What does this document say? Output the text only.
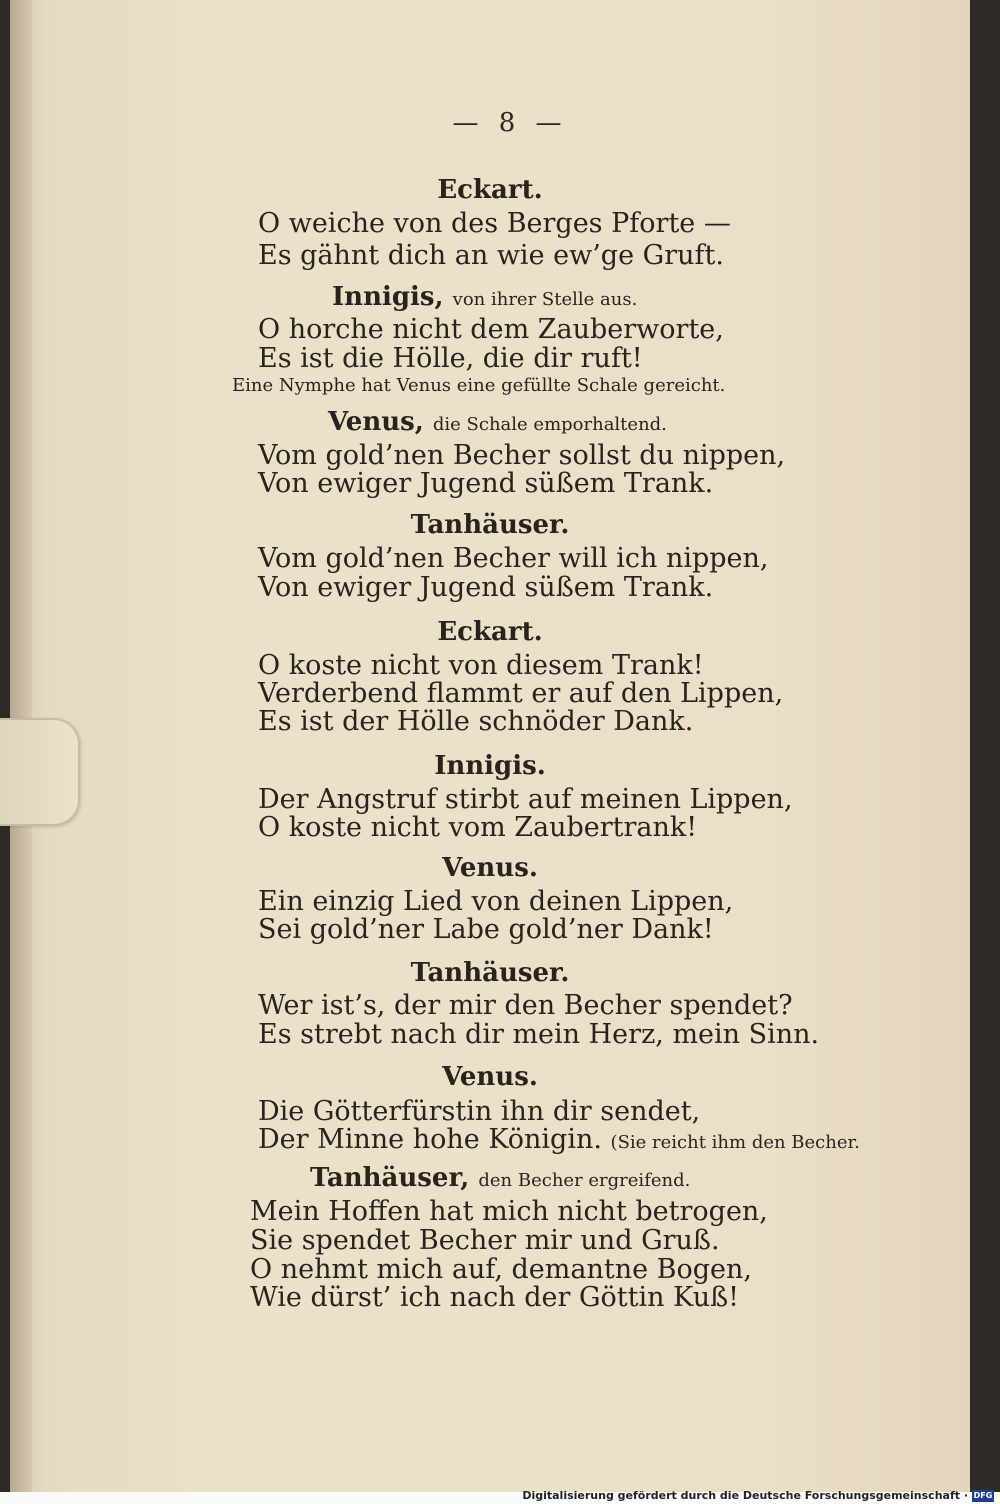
— 8 —
Eckart.
O weiche von des Berges Pforte —
Es gähnt dich an wie ew’ge Gruft.
Innigis, von ihrer Stelle aus.
O horche nicht dem Zauberworte,
Es ist die Hölle, die dir ruft!
Eine Nymphe hat Venus eine gefüllte Schale gereicht.
Venus, die Schale emporhaltend.
Vom gold’nen Becher sollst du nippen,
Von ewiger Jugend süßem Trank.
Tanhäuser.
Vom gold’nen Becher will ich nippen,
Von ewiger Jugend süßem Trank.
Eckart.
O koste nicht von diesem Trank!
Verderbend flammt er auf den Lippen,
Es ist der Hölle schnöder Dank.
Innigis.
Der Angstruf stirbt auf meinen Lippen,
O koste nicht vom Zaubertrank!
Venus.
Ein einzig Lied von deinen Lippen,
Sei gold’ner Labe gold’ner Dank!
Tanhäuser.
Wer ist’s, der mir den Becher spendet?
Es strebt nach dir mein Herz, mein Sinn.
Venus.
Die Götterfürstin ihn dir sendet,
Der Minne hohe Königin. (Sie reicht ihm den Becher.
Tanhäuser, den Becher ergreifend.
Mein Hoffen hat mich nicht betrogen,
Sie spendet Becher mir und Gruß.
O nehmt mich auf, demantne Bogen,
Wie dürst’ ich nach der Göttin Kuß!
Digitalisierung gefördert durch die Deutsche Forschungsgemeinschaft · DFG
